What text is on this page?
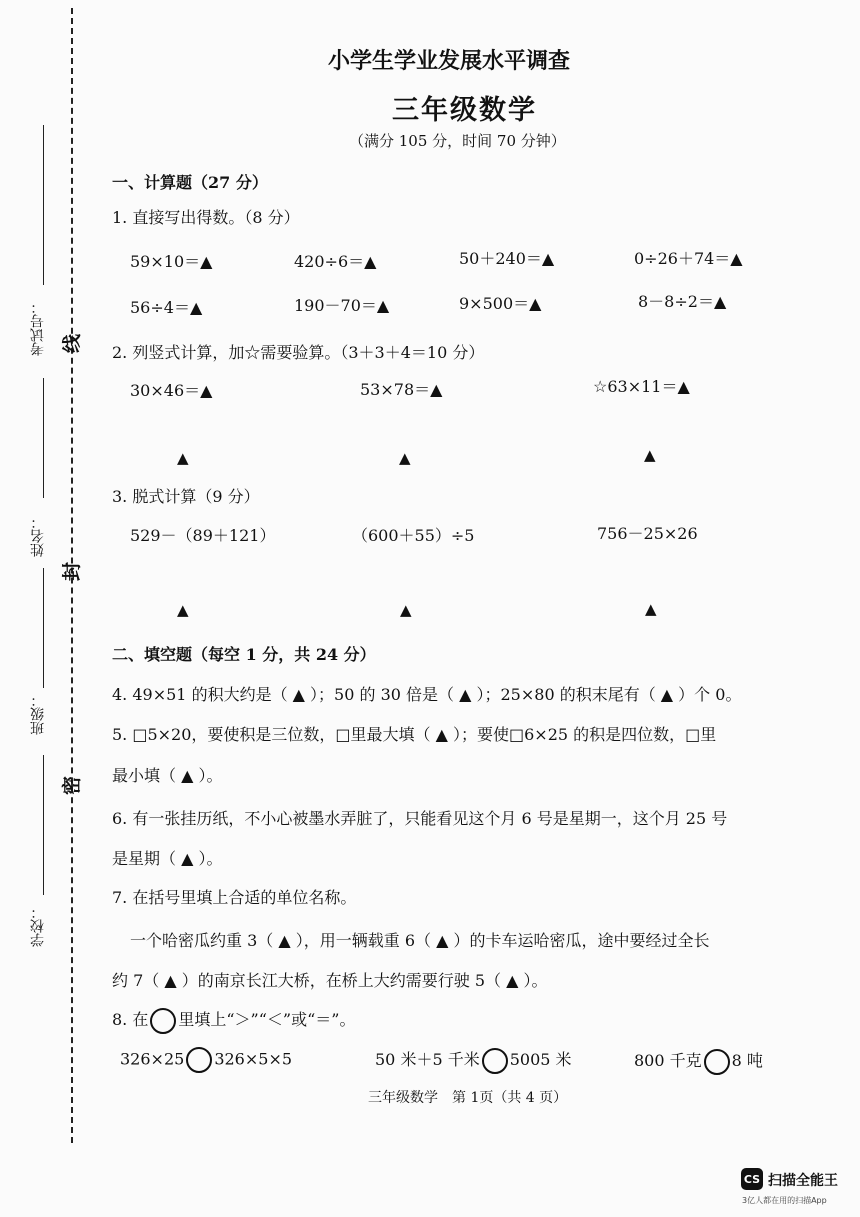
考试号：
姓名：
班级：
学校：
线
封
密
小学生学业发展水平调查
三年级数学
（满分 105 分，时间 70 分钟）
一、计算题（27 分）
1. 直接写出得数。（8 分）
59×10＝▲	420÷6＝▲	50＋240＝▲	0÷26＋74＝▲
56÷4＝▲	190－70＝▲	9×500＝▲	8－8÷2＝▲
2. 列竖式计算，加☆需要验算。（3＋3＋4＝10 分）
30×46＝▲	53×78＝▲	☆63×11＝▲
▲	▲	▲
3. 脱式计算（9 分）
529－（89＋121）	（600＋55）÷5	756－25×26
▲	▲	▲
二、填空题（每空 1 分，共 24 分）
4. 49×51 的积大约是（ ▲ ）；50 的 30 倍是（ ▲ ）；25×80 的积末尾有（ ▲ ）个 0。
5. □5×20，要使积是三位数，□里最大填（ ▲ ）；要使□6×25 的积是四位数，□里
最小填（ ▲ ）。
6. 有一张挂历纸，不小心被墨水弄脏了，只能看见这个月 6 号是星期一，这个月 25 号
是星期（ ▲ ）。
7. 在括号里填上合适的单位名称。
一个哈密瓜约重 3（ ▲ ），用一辆载重 6（ ▲ ）的卡车运哈密瓜，途中要经过全长
约 7（ ▲ ）的南京长江大桥，在桥上大约需要行驶 5（ ▲ ）。
8. 在 里填上“＞”“＜”或“＝”。
326×25 326×5×5	50 米＋5 千米 5005 米	800 千克 8 吨
三年级数学　第 1页（共 4 页）
CS 扫描全能王
3亿人都在用的扫描App
